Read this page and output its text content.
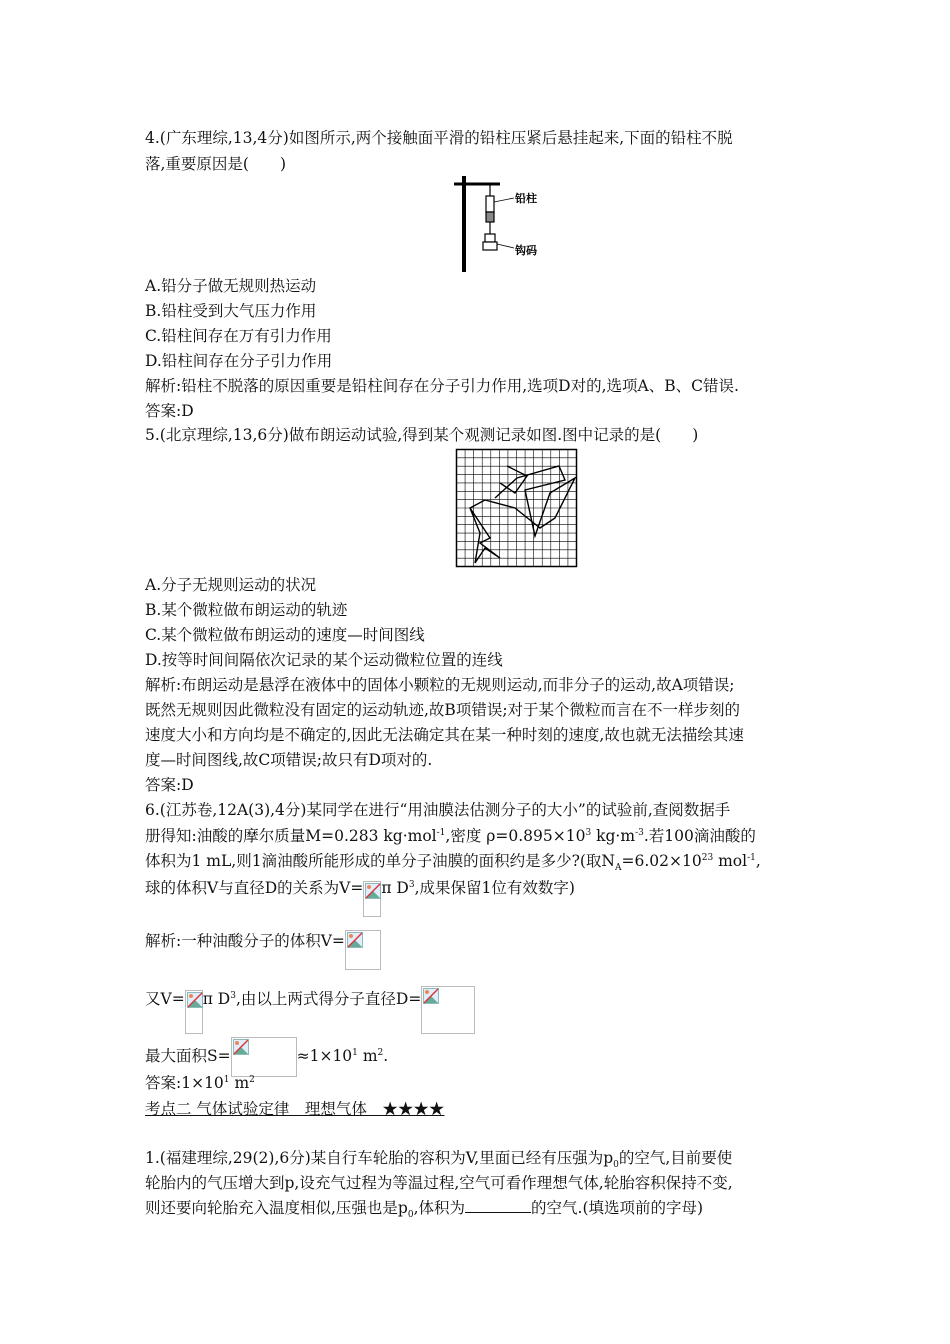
4.(广东理综,13,4分)如图所示,两个接触面平滑的铅柱压紧后悬挂起来,下面的铅柱不脱
落,重要原因是(　　)
铅柱
钩码
A.铅分子做无规则热运动
B.铅柱受到大气压力作用
C.铅柱间存在万有引力作用
D.铅柱间存在分子引力作用
解析:铅柱不脱落的原因重要是铅柱间存在分子引力作用,选项D对的,选项A、B、C错误.
答案:D
5.(北京理综,13,6分)做布朗运动试验,得到某个观测记录如图.图中记录的是(　　)
A.分子无规则运动的状况
B.某个微粒做布朗运动的轨迹
C.某个微粒做布朗运动的速度—时间图线
D.按等时间间隔依次记录的某个运动微粒位置的连线
解析:布朗运动是悬浮在液体中的固体小颗粒的无规则运动,而非分子的运动,故A项错误;
既然无规则因此微粒没有固定的运动轨迹,故B项错误;对于某个微粒而言在不一样步刻的
速度大小和方向均是不确定的,因此无法确定其在某一种时刻的速度,故也就无法描绘其速
度—时间图线,故C项错误;故只有D项对的.
答案:D
6.(江苏卷,12A(3),4分)某同学在进行“用油膜法估测分子的大小”的试验前,查阅数据手
册得知:油酸的摩尔质量M=0.283 kg·mol$^{-1}$,密度 $\rho=0.895\times 10^3$ $kg\cdot m^{-3}$.若100滴油酸的
体积为1 mL,则1滴油酸所能形成的单分子油膜的面积约是多少?(取$N_A=6.02\times 10^{23}$ mol$^{-1}$,
球的体积V与直径D的关系为V= π $D^3$,成果保留1位有效数字)
解析:一种油酸分子的体积V=
又V= π $D^3$,由以上两式得分子直径D=
最大面积S=	$\approx 1\times 10^1$ $m^2$.
答案$:1\times 10^1$ $m^2$
考点二 气体试验定律　理想气体　★★★★
1.(福建理综,29(2),6分)某自行车轮胎的容积为V,里面已经有压强为$p_0$的空气,目前要使
轮胎内的气压增大到p,设充气过程为等温过程,空气可看作理想气体,轮胎容积保持不变,
则还要向轮胎充入温度相似,压强也是$p_0$,体积为	的空气.(填选项前的字母)
